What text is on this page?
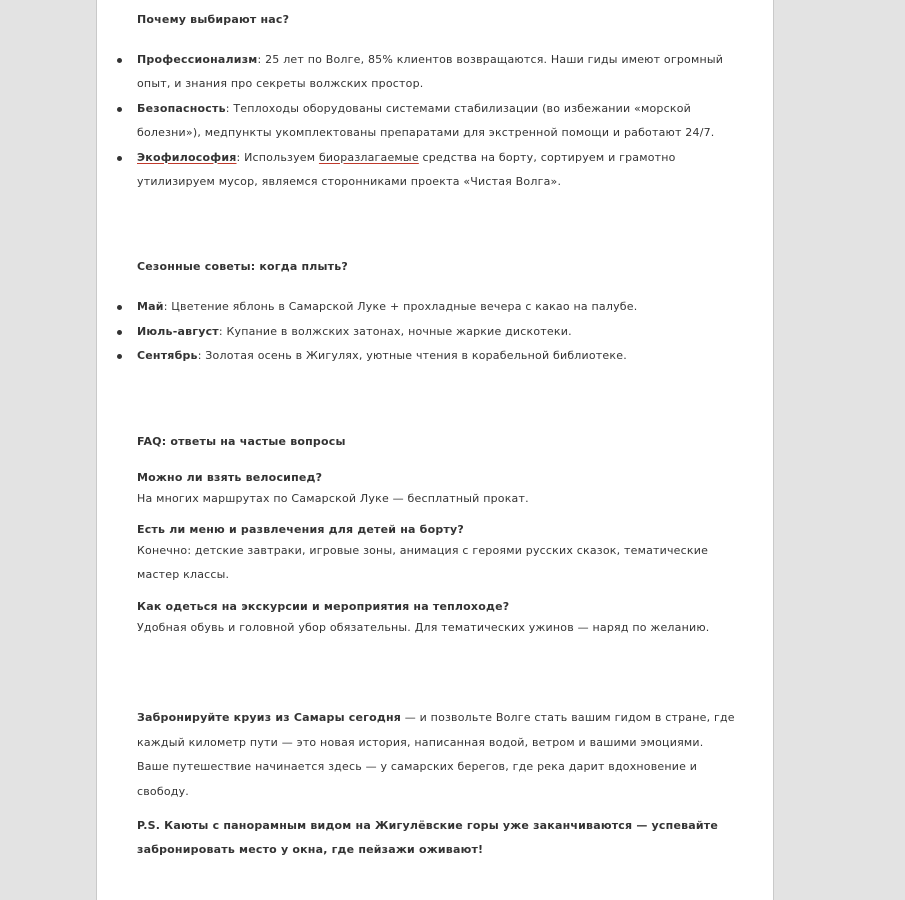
Почему выбирают нас?
Профессионализм: 25 лет по Волге, 85% клиентов возвращаются. Наши гиды имеют огромный опыт, и знания про секреты волжских простор.
Безопасность: Теплоходы оборудованы системами стабилизации (во избежании «морской болезни»), медпункты укомплектованы препаратами для экстренной помощи и работают 24/7.
Экофилософия: Используем биоразлагаемые средства на борту, сортируем и грамотно утилизируем мусор, являемся сторонниками проекта «Чистая Волга».
Сезонные советы: когда плыть?
Май: Цветение яблонь в Самарской Луке + прохладные вечера с какао на палубе.
Июль-август: Купание в волжских затонах, ночные жаркие дискотеки.
Сентябрь: Золотая осень в Жигулях, уютные чтения в корабельной библиотеке.
FAQ: ответы на частые вопросы
Можно ли взять велосипед?

На многих маршрутах по Самарской Луке — бесплатный прокат.

Есть ли меню и развлечения для детей на борту?

Конечно: детские завтраки, игровые зоны, анимация с героями русских сказок, тематические мастер классы.

Как одеться на экскурсии и мероприятия на теплоходе?

Удобная обувь и головной убор обязательны. Для тематических ужинов — наряд по желанию.

Забронируйте круиз из Самары сегодня — и позвольте Волге стать вашим гидом в стране, где каждый километр пути — это новая история, написанная водой, ветром и вашими эмоциями. Ваше путешествие начинается здесь — у самарских берегов, где река дарит вдохновение и свободу.

P.S. Каюты с панорамным видом на Жигулёвские горы уже заканчиваются — успевайте забронировать место у окна, где пейзажи оживают!
